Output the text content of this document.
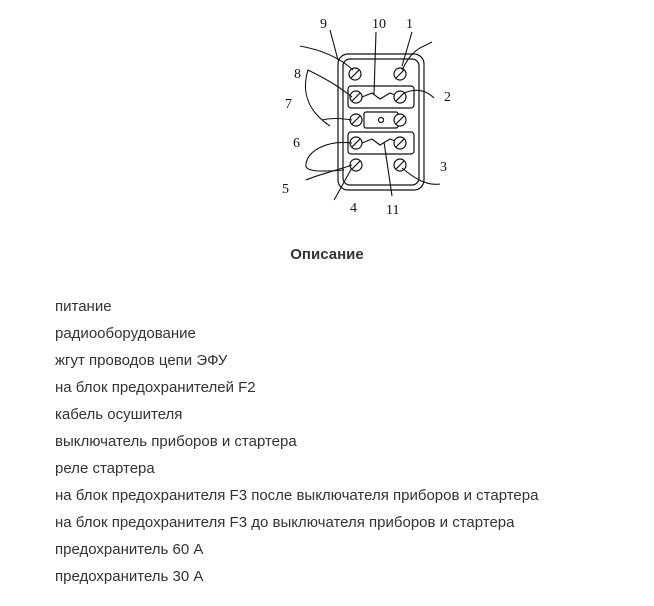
9	10 1
8
7	2
6
3
5
4 11
Описание
питание
радиооборудование
жгут проводов цепи ЭФУ
на блок предохранителей F2
кабель осушителя
выключатель приборов и стартера
реле стартера
на блок предохранителя F3 после выключателя приборов и стартера
на блок предохранителя F3 до выключателя приборов и стартера
предохранитель 60 А
предохранитель 30 А
